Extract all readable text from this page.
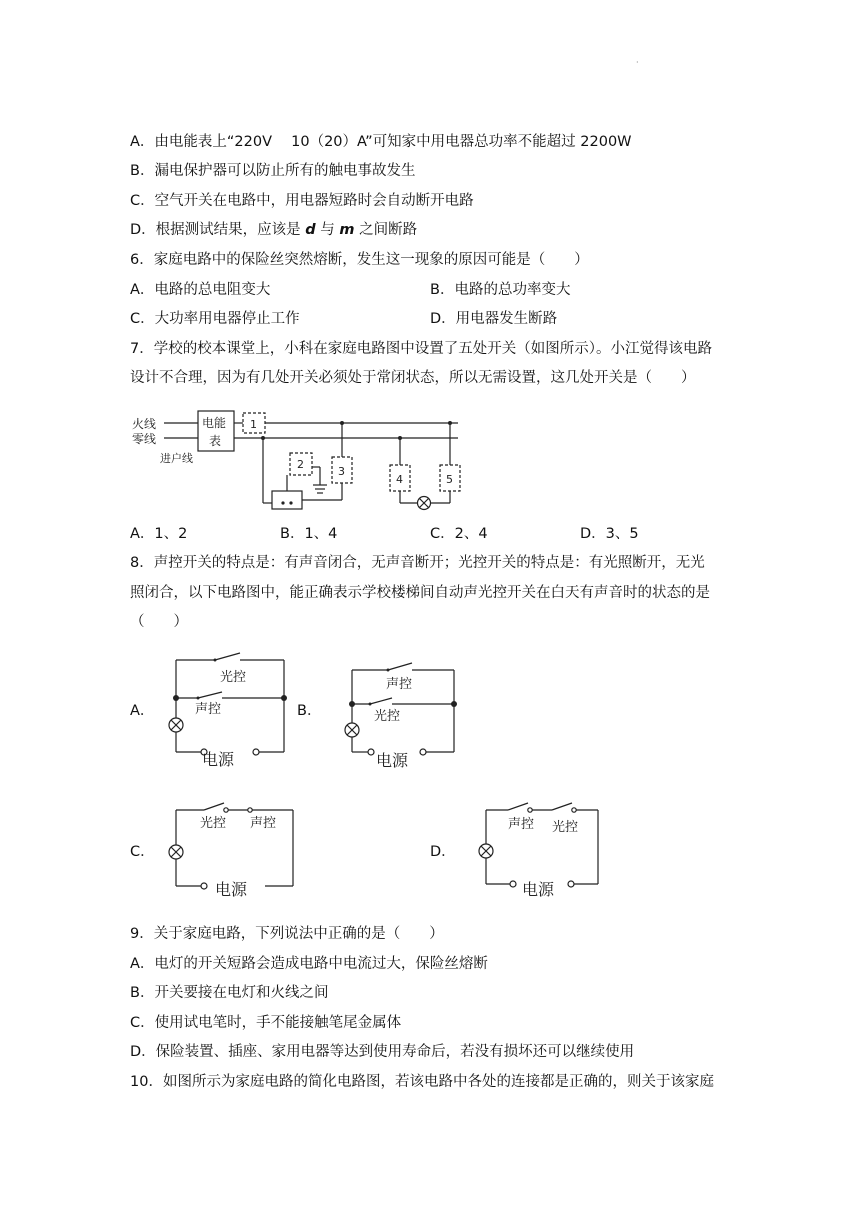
·
A．由电能表上“220V　 10（20）A”可知家中用电器总功率不能超过 2200W
B．漏电保护器可以防止所有的触电事故发生
C．空气开关在电路中，用电器短路时会自动断开电路
D．根据测试结果，应该是 d 与 m 之间断路
6．家庭电路中的保险丝突然熔断，发生这一现象的原因可能是（　　）
A．电路的总电阻变大	B．电路的总功率变大
C．大功率用电器停止工作	D．用电器发生断路
7．学校的校本课堂上，小科在家庭电路图中设置了五处开关（如图所示）。小江觉得该电路
设计不合理，因为有几处开关必须处于常闭状态，所以无需设置，这几处开关是（　　）
火线
零线
电能
表
进户线
1
2
3
4	5
A．1、2	B．1、4	C．2、4	D．3、5
8．声控开关的特点是：有声音闭合，无声音断开；光控开关的特点是：有光照断开，无光
照闭合，以下电路图中，能正确表示学校楼梯间自动声光控开关在白天有声音时的状态的是
（　　）
A．	B．
C．	D．
光控
声控
电源
声控
光控
电源
光控 声控
电源
声控 光控
电源
9．关于家庭电路，下列说法中正确的是（　　）
A．电灯的开关短路会造成电路中电流过大，保险丝熔断
B．开关要接在电灯和火线之间
C．使用试电笔时，手不能接触笔尾金属体
D．保险装置、插座、家用电器等达到使用寿命后，若没有损坏还可以继续使用
10．如图所示为家庭电路的简化电路图，若该电路中各处的连接都是正确的，则关于该家庭
